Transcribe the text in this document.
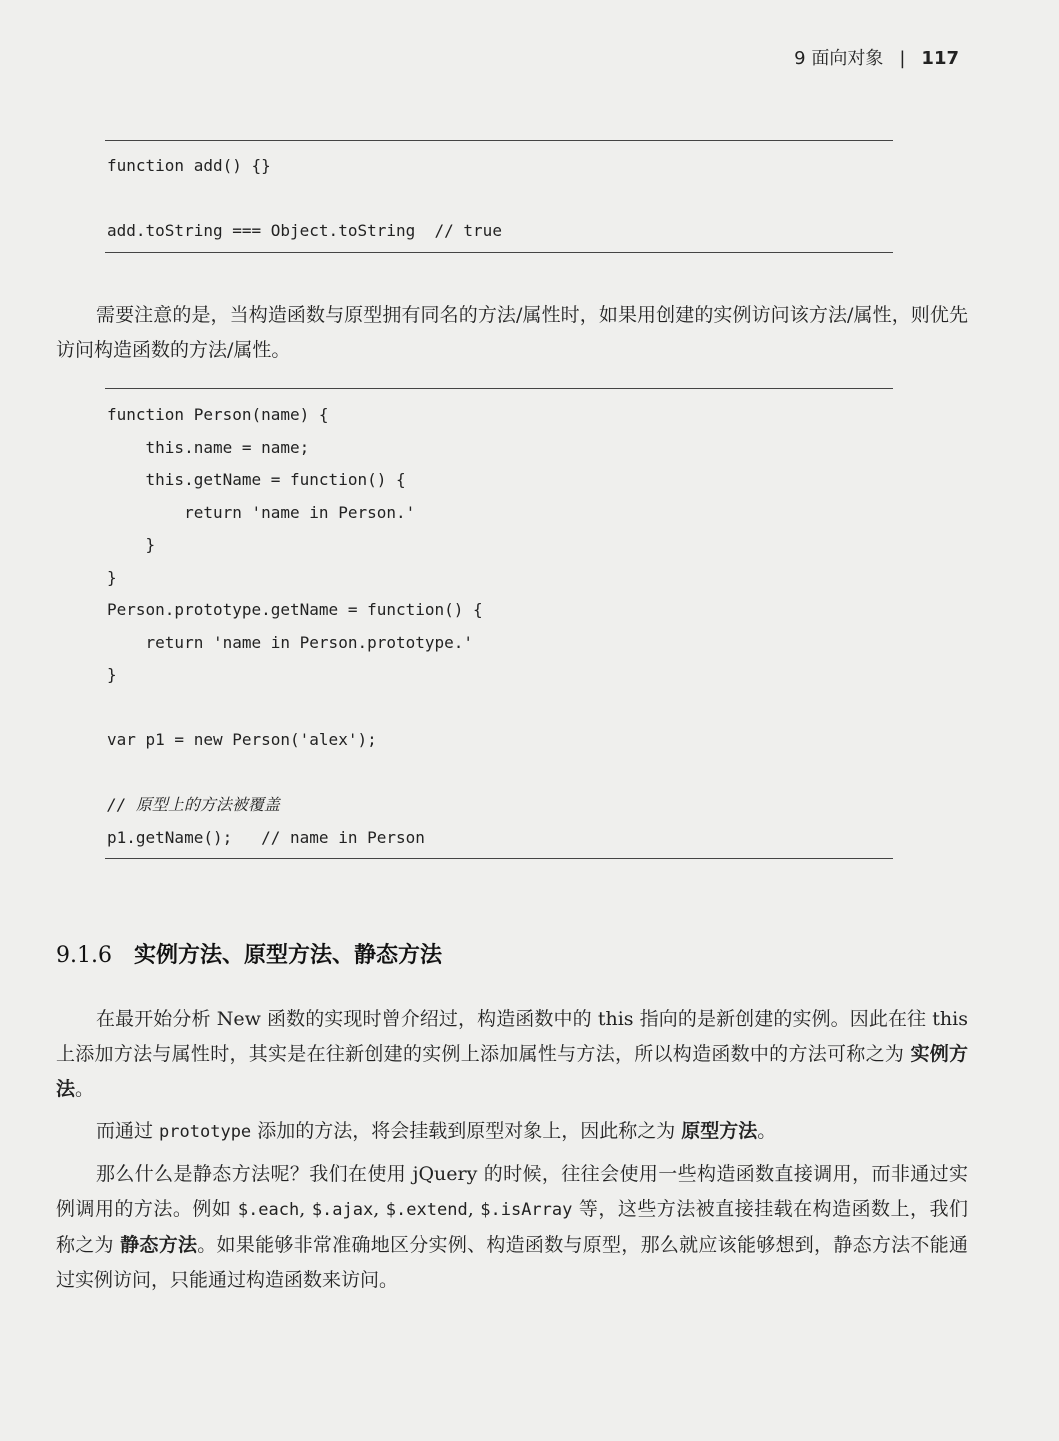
9 面向对象 | 117
function add() {}
add.toString === Object.toString  // true

需要注意的是，当构造函数与原型拥有同名的方法/属性时，如果用创建的实例访问该方法/属性，则优先访问构造函数的方法/属性。

function Person(name) {
this.name = name;
this.getName = function() {
return 'name in Person.'
}
}
Person.prototype.getName = function() {
return 'name in Person.prototype.'
}
var p1 = new Person('alex');
// 原型上的方法被覆盖
p1.getName();   // name in Person
9.1.6 实例方法、原型方法、静态方法

在最开始分析 New 函数的实现时曾介绍过，构造函数中的 this 指向的是新创建的实例。因此在往 this 上添加方法与属性时，其实是在往新创建的实例上添加属性与方法，所以构造函数中的方法可称之为 实例方法。

而通过 prototype 添加的方法，将会挂载到原型对象上，因此称之为 原型方法。

那么什么是静态方法呢？我们在使用 jQuery 的时候，往往会使用一些构造函数直接调用，而非通过实例调用的方法。例如 $.each, $.ajax, $.extend, $.isArray 等，这些方法被直接挂载在构造函数上，我们称之为 静态方法。如果能够非常准确地区分实例、构造函数与原型，那么就应该能够想到，静态方法不能通过实例访问，只能通过构造函数来访问。
